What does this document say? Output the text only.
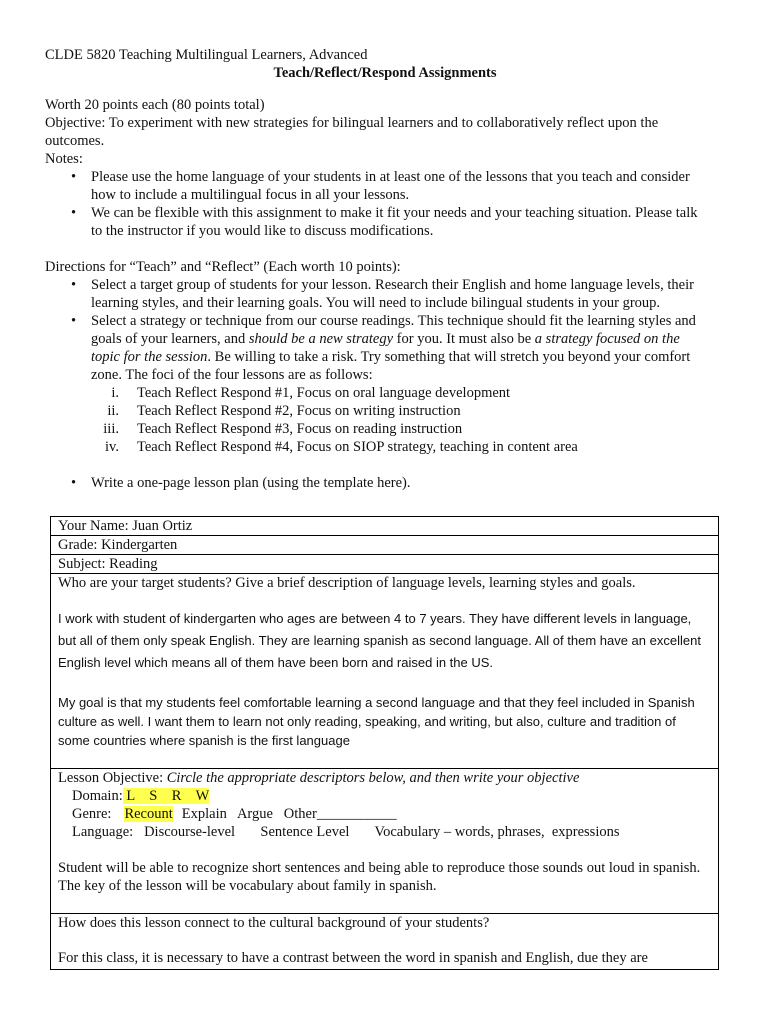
CLDE 5820 Teaching Multilingual Learners, Advanced

Teach/Reflect/Respond Assignments

Worth 20 points each (80 points total)

Objective: To experiment with new strategies for bilingual learners and to collaboratively reflect upon the outcomes.

Notes:

• Please use the home language of your students in at least one of the lessons that you teach and consider how to include a multilingual focus in all your lessons.
• We can be flexible with this assignment to make it fit your needs and your teaching situation. Please talk to the instructor if you would like to discuss modifications.

Directions for “Teach” and “Reflect” (Each worth 10 points):

• Select a target group of students for your lesson. Research their English and home language levels, their learning styles, and their learning goals. You will need to include bilingual students in your group.
• Select a strategy or technique from our course readings. This technique should fit the learning styles and goals of your learners, and should be a new strategy for you. It must also be a strategy focused on the topic for the session. Be willing to take a risk. Try something that will stretch you beyond your comfort zone. The foci of the four lessons are as follows:
i. Teach Reflect Respond #1, Focus on oral language development
ii. Teach Reflect Respond #2, Focus on writing instruction
iii. Teach Reflect Respond #3, Focus on reading instruction
iv. Teach Reflect Respond #4, Focus on SIOP strategy, teaching in content area
• Write a one-page lesson plan (using the template here).
Your Name: Juan Ortiz
Grade: Kindergarten
Subject: Reading

Who are your target students? Give a brief description of language levels, learning styles and goals.
I work with student of kindergarten who ages are between 4 to 7 years. They have different levels in language, but all of them only speak English. They are learning spanish as second language. All of them have an excellent English level which means all of them have been born and raised in the US.
My goal is that my students feel comfortable learning a second language and that they feel included in Spanish culture as well. I want them to learn not only reading, speaking, and writing, but also, culture and tradition of some countries where spanish is the first language

Lesson Objective: Circle the appropriate descriptors below, and then write your objective
Domain: L    S    R    W
Genre: Recount Explain   Argue   Other___________
Language:   Discourse-level       Sentence Level       Vocabulary – words, phrases,  expressions
Student will be able to recognize short sentences and being able to reproduce those sounds out loud in spanish. The key of the lesson will be vocabulary about family in spanish.

How does this lesson connect to the cultural background of your students?
For this class, it is necessary to have a contrast between the word in spanish and English, due they are
